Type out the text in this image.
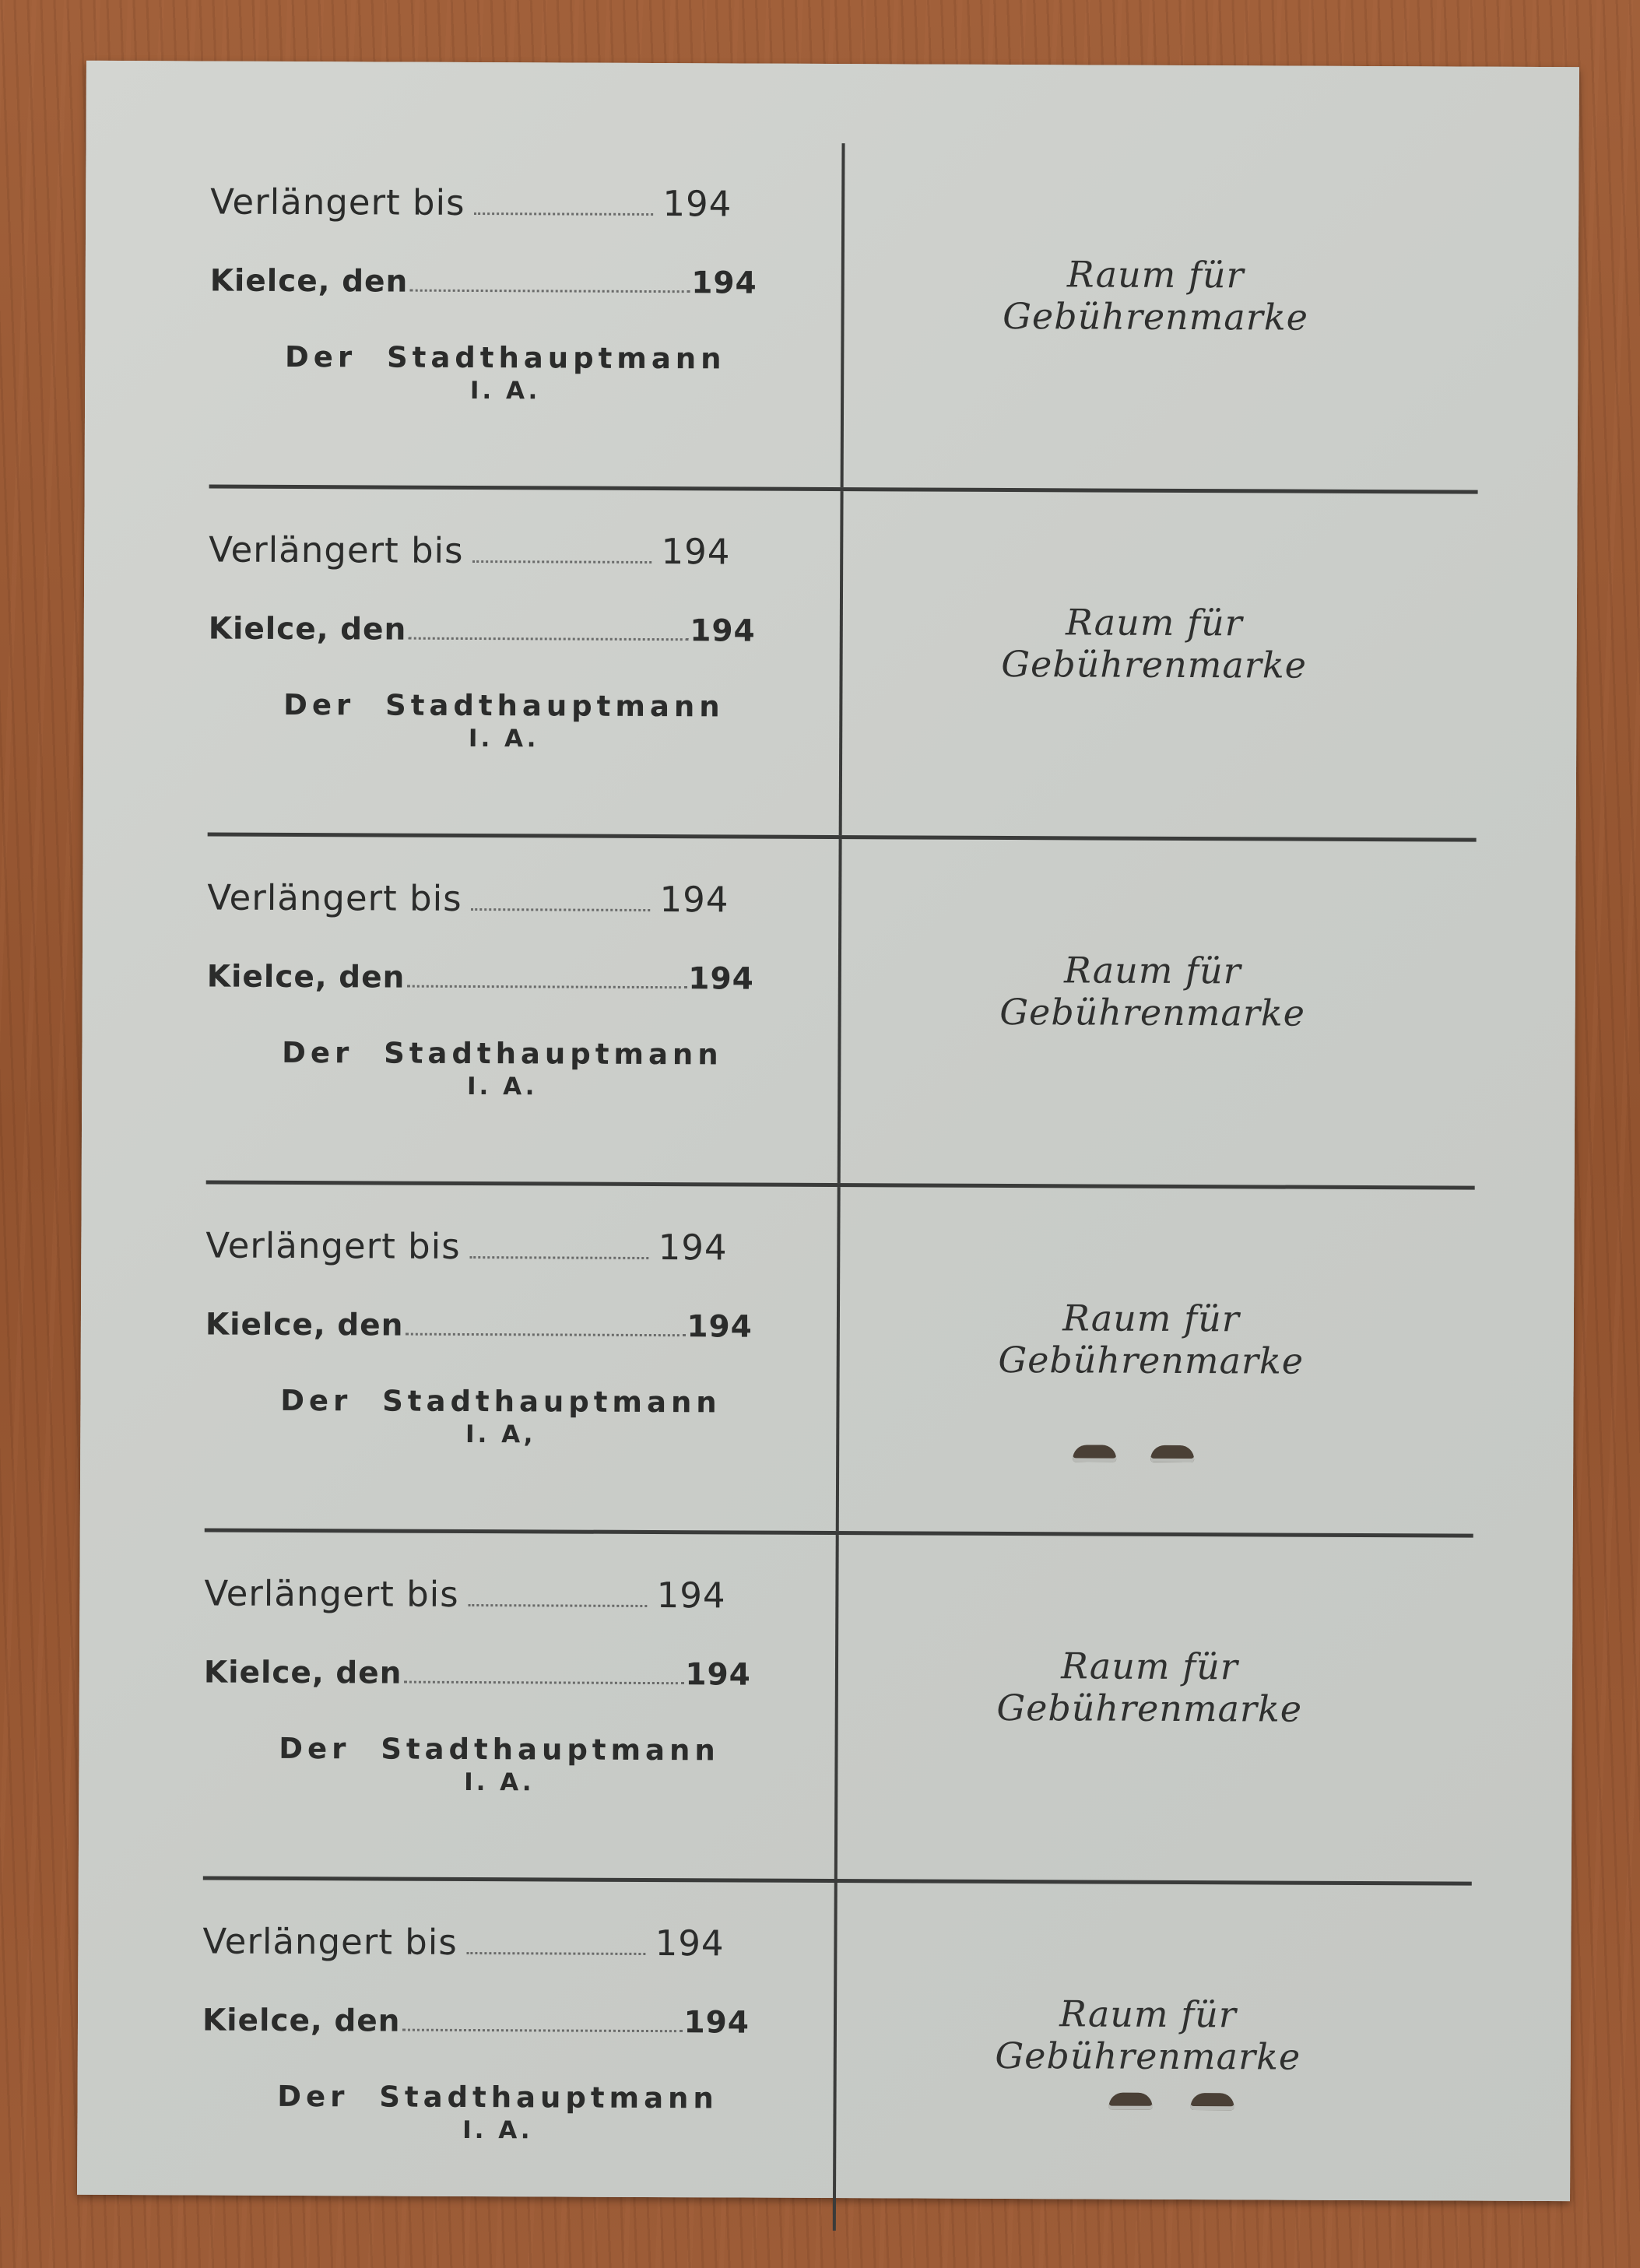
Verlängert bis	194
Kielce, den	194
Der Stadthauptmann
I. A.
Raum für
Gebührenmarke
Verlängert bis	194
Kielce, den	194
Der Stadthauptmann
I. A.
Raum für
Gebührenmarke
Verlängert bis	194
Kielce, den	194
Der Stadthauptmann
I. A.
Raum für
Gebührenmarke
Verlängert bis	194
Kielce, den	194
Der Stadthauptmann
I. A,
Raum für
Gebührenmarke
Verlängert bis	194
Kielce, den	194
Der Stadthauptmann
I. A.
Raum für
Gebührenmarke
Verlängert bis	194
Kielce, den	194
Der Stadthauptmann
I. A.
Raum für
Gebührenmarke
